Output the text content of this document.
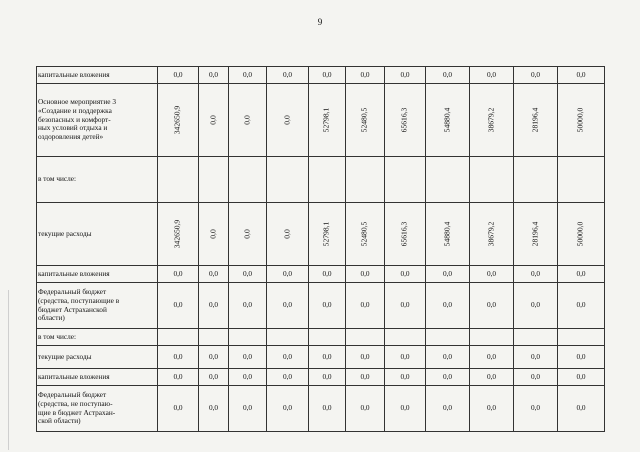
9
капитальные вложения	0,0	0,0	0,0	0,0	0,0	0,0	0,0	0,0	0,0	0,0	0,0

Основное мероприятие 3
«Создание и поддержка
безопасных и комфорт-
ных условий отдыха и
оздоровления детей»	342650,9	0,0	0,0	0,0	52798,1	52480,5	65616,3	54880,4	38679,2	28196,4	50000,0

в том числе:											

текущие расходы	342650,9	0,0	0,0	0,0	52798,1	52480,5	65616,3	54880,4	38679,2	28196,4	50000,0

капитальные вложения	0,0	0,0	0,0	0,0	0,0	0,0	0,0	0,0	0,0	0,0	0,0

Федеральный бюджет
(средства, поступающие в
бюджет Астраханской
области)	0,0	0,0	0,0	0,0	0,0	0,0	0,0	0,0	0,0	0,0	0,0

в том числе:											

текущие расходы	0,0	0,0	0,0	0,0	0,0	0,0	0,0	0,0	0,0	0,0	0,0

капитальные вложения	0,0	0,0	0,0	0,0	0,0	0,0	0,0	0,0	0,0	0,0	0,0

Федеральный бюджет
(средства, не поступаю-
щие в бюджет Астрахан-
ской области)	0,0	0,0	0,0	0,0	0,0	0,0	0,0	0,0	0,0	0,0	0,0
